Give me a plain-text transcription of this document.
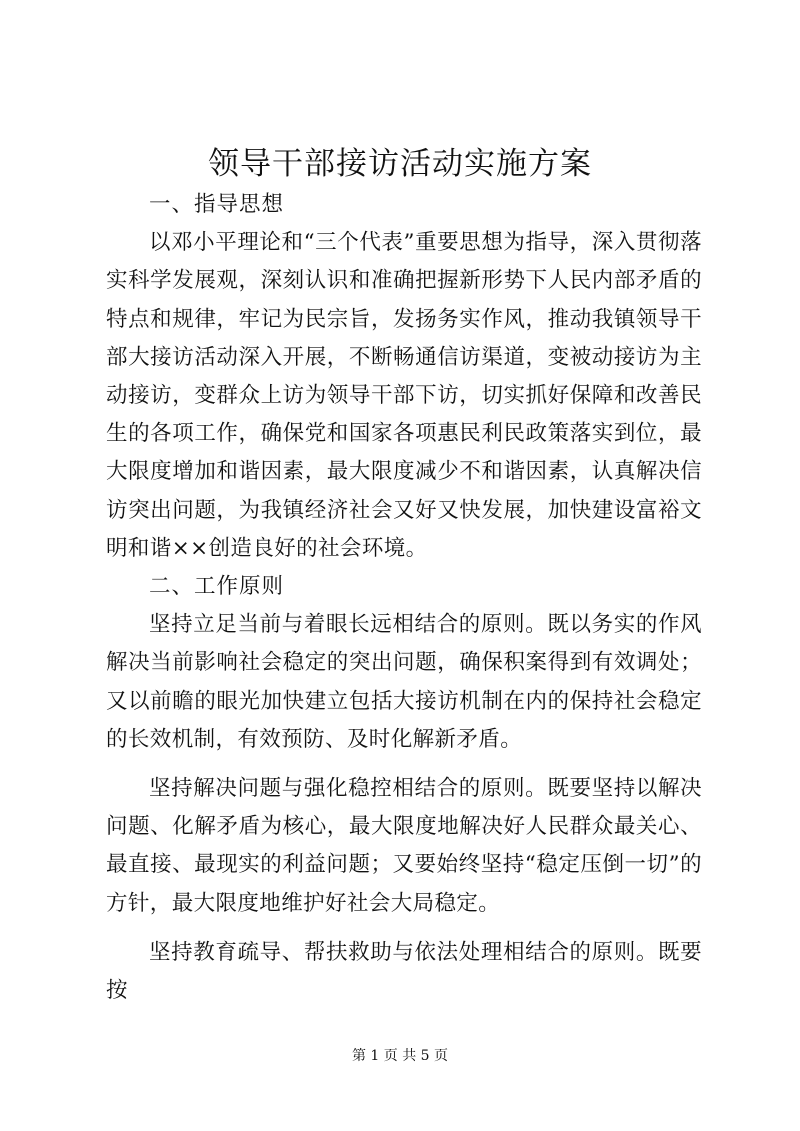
领导干部接访活动实施方案

一、指导思想

以邓小平理论和“三个代表”重要思想为指导，深入贯彻落实科学发展观，深刻认识和准确把握新形势下人民内部矛盾的特点和规律，牢记为民宗旨，发扬务实作风，推动我镇领导干部大接访活动深入开展，不断畅通信访渠道，变被动接访为主动接访，变群众上访为领导干部下访，切实抓好保障和改善民生的各项工作，确保党和国家各项惠民利民政策落实到位，最大限度增加和谐因素，最大限度减少不和谐因素，认真解决信访突出问题，为我镇经济社会又好又快发展，加快建设富裕文明和谐××创造良好的社会环境。

二、工作原则

坚持立足当前与着眼长远相结合的原则。既以务实的作风解决当前影响社会稳定的突出问题，确保积案得到有效调处；又以前瞻的眼光加快建立包括大接访机制在内的保持社会稳定的长效机制，有效预防、及时化解新矛盾。

坚持解决问题与强化稳控相结合的原则。既要坚持以解决问题、化解矛盾为核心，最大限度地解决好人民群众最关心、最直接、最现实的利益问题；又要始终坚持“稳定压倒一切”的方针，最大限度地维护好社会大局稳定。

坚持教育疏导、帮扶救助与依法处理相结合的原则。既要按

第 1 页 共 5 页
